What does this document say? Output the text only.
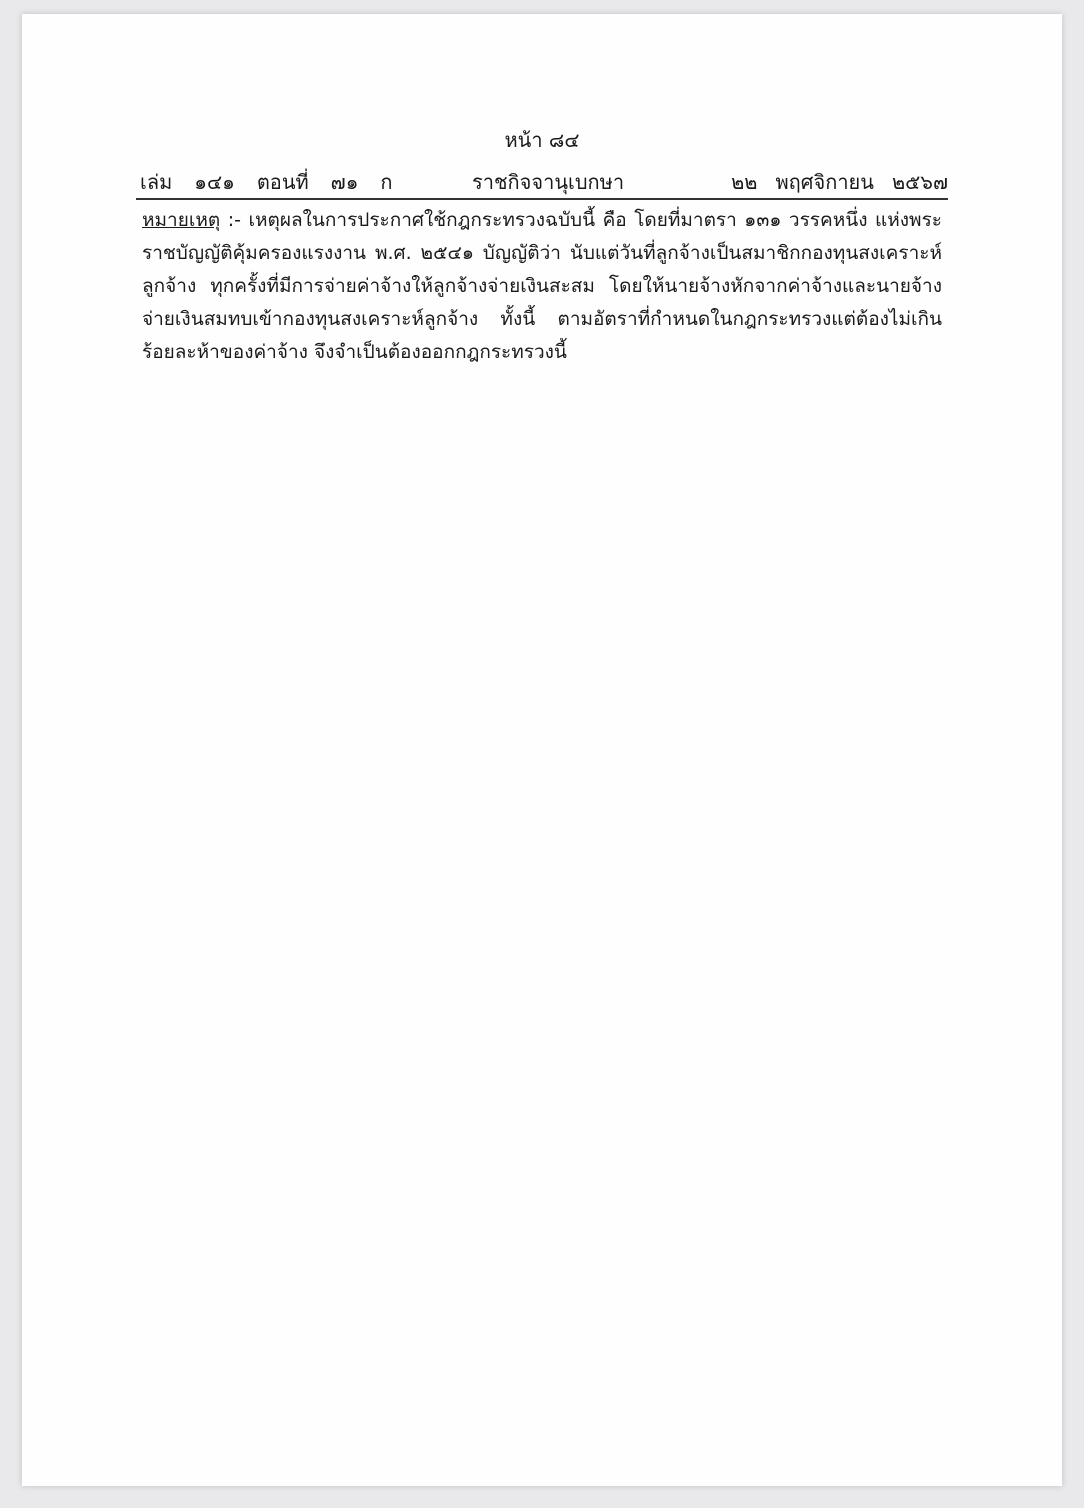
หน้า ๘๔
เล่ม ๑๔๑ ตอนที่ ๗๑ ก	ราชกิจจานุเบกษา	๒๒ พฤศจิกายน ๒๕๖๗
หมายเหตุ :- เหตุผลในการประกาศใช้กฎกระทรวงฉบับนี้ คือ โดยที่มาตรา ๑๓๑ วรรคหนึ่ง แห่งพระราชบัญญัติคุ้มครองแรงงาน พ.ศ. ๒๕๔๑ บัญญัติว่า นับแต่วันที่ลูกจ้างเป็นสมาชิกกองทุนสงเคราะห์ลูกจ้าง ทุกครั้งที่มีการจ่ายค่าจ้างให้ลูกจ้างจ่ายเงินสะสม โดยให้นายจ้างหักจากค่าจ้างและนายจ้างจ่ายเงินสมทบเข้ากองทุนสงเคราะห์ลูกจ้าง ทั้งนี้ ตามอัตราที่กำหนดในกฎกระทรวงแต่ต้องไม่เกินร้อยละห้าของค่าจ้าง จึงจำเป็นต้องออกกฎกระทรวงนี้
